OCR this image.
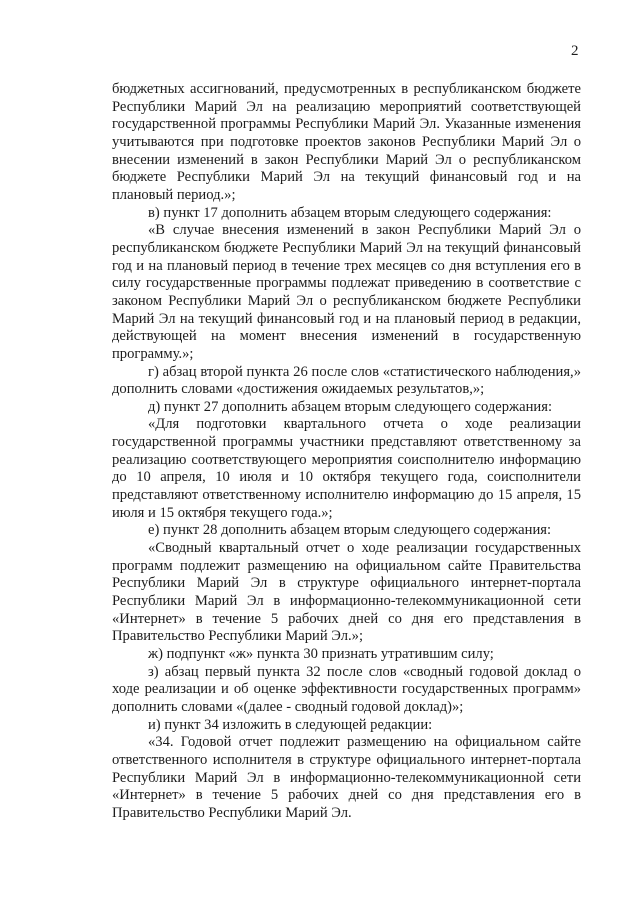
2

бюджетных ассигнований, предусмотренных в республиканском бюджете Республики Марий Эл на реализацию мероприятий соответствующей государственной программы Республики Марий Эл. Указанные изменения учитываются при подготовке проектов законов Республики Марий Эл о внесении изменений в закон Республики Марий Эл о республиканском бюджете Республики Марий Эл на текущий финансовый год и на плановый период.»;

в) пункт 17 дополнить абзацем вторым следующего содержания:

«В случае внесения изменений в закон Республики Марий Эл о республиканском бюджете Республики Марий Эл на текущий финансовый год и на плановый период в течение трех месяцев со дня вступления его в силу государственные программы подлежат приведению в соответствие с законом Республики Марий Эл о республиканском бюджете Республики Марий Эл на текущий финансовый год и на плановый период в редакции, действующей на момент внесения изменений в государственную программу.»;

г) абзац второй пункта 26 после слов «статистического наблюдения,» дополнить словами «достижения ожидаемых результатов,»;

д) пункт 27 дополнить абзацем вторым следующего содержания:

«Для подготовки квартального отчета о ходе реализации государственной программы участники представляют ответственному за реализацию соответствующего мероприятия соисполнителю информацию до 10 апреля, 10 июля и 10 октября текущего года, соисполнители представляют ответственному исполнителю информацию до 15 апреля, 15 июля и 15 октября текущего года.»;

е) пункт 28 дополнить абзацем вторым следующего содержания:

«Сводный квартальный отчет о ходе реализации государственных программ подлежит размещению на официальном сайте Правительства Республики Марий Эл в структуре официального интернет-портала Республики Марий Эл в информационно-телекоммуникационной сети «Интернет» в течение 5 рабочих дней со дня его представления в Правительство Республики Марий Эл.»;

ж) подпункт «ж» пункта 30 признать утратившим силу;

з) абзац первый пункта 32 после слов «сводный годовой доклад о ходе реализации и об оценке эффективности государственных программ» дополнить словами «(далее - сводный годовой доклад)»;

и) пункт 34 изложить в следующей редакции:

«34. Годовой отчет подлежит размещению на официальном сайте ответственного исполнителя в структуре официального интернет-портала Республики Марий Эл в информационно-телекоммуникационной сети «Интернет» в течение 5 рабочих дней со дня представления его в Правительство Республики Марий Эл.
